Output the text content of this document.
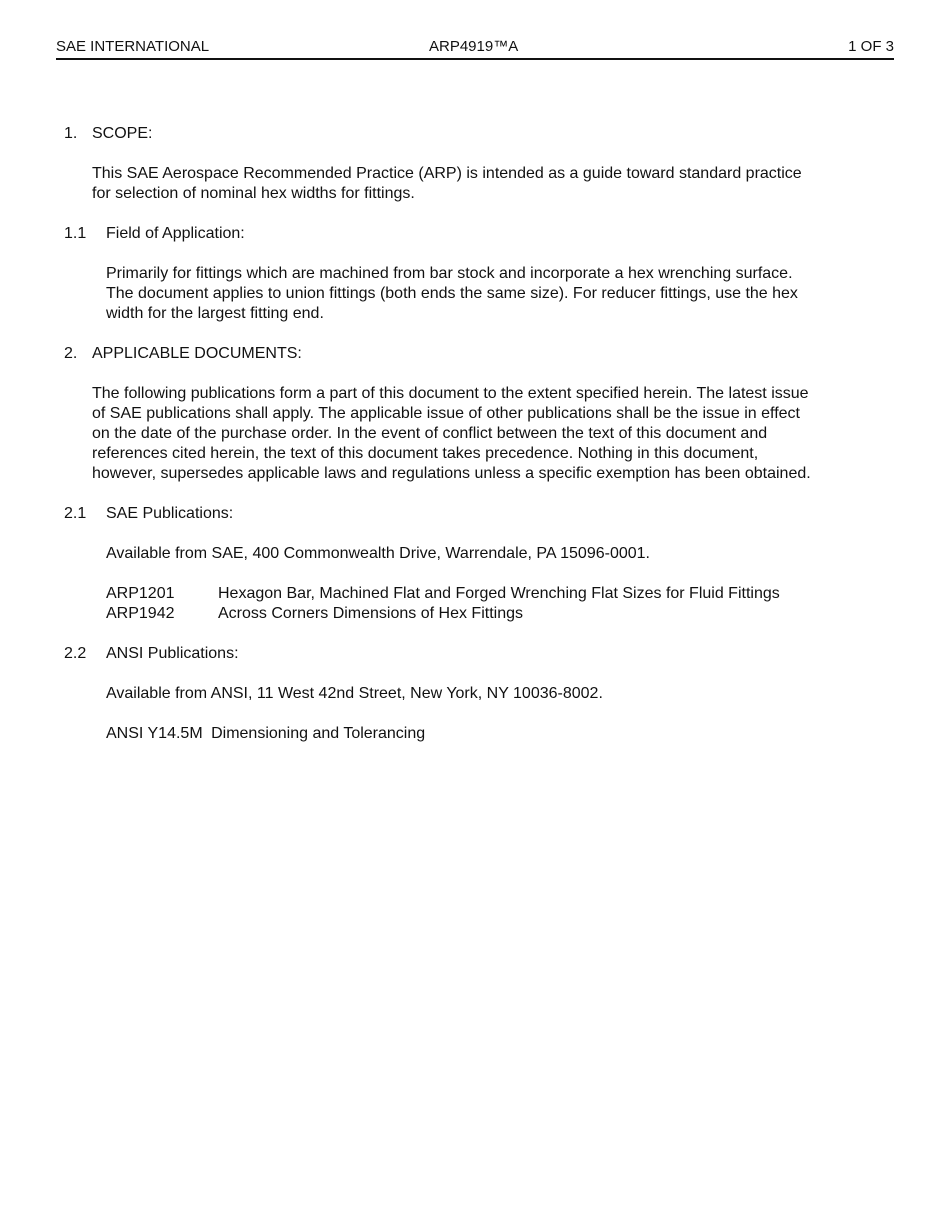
SAE INTERNATIONAL	ARP4919™A	1 OF 3
1. SCOPE:
This SAE Aerospace Recommended Practice (ARP) is intended as a guide toward standard practice
for selection of nominal hex widths for fittings.
1.1	Field of Application:
Primarily for fittings which are machined from bar stock and incorporate a hex wrenching surface.
The document applies to union fittings (both ends the same size). For reducer fittings, use the hex
width for the largest fitting end.
2. APPLICABLE DOCUMENTS:
The following publications form a part of this document to the extent specified herein. The latest issue
of SAE publications shall apply. The applicable issue of other publications shall be the issue in effect
on the date of the purchase order. In the event of conflict between the text of this document and
references cited herein, the text of this document takes precedence. Nothing in this document,
however, supersedes applicable laws and regulations unless a specific exemption has been obtained.
2.1	SAE Publications:
Available from SAE, 400 Commonwealth Drive, Warrendale, PA 15096-0001.
ARP1201	Hexagon Bar, Machined Flat and Forged Wrenching Flat Sizes for Fluid Fittings
ARP1942	Across Corners Dimensions of Hex Fittings
2.2	ANSI Publications:
Available from ANSI, 11 West 42nd Street, New York, NY 10036-8002.
ANSI Y14.5M Dimensioning and Tolerancing
